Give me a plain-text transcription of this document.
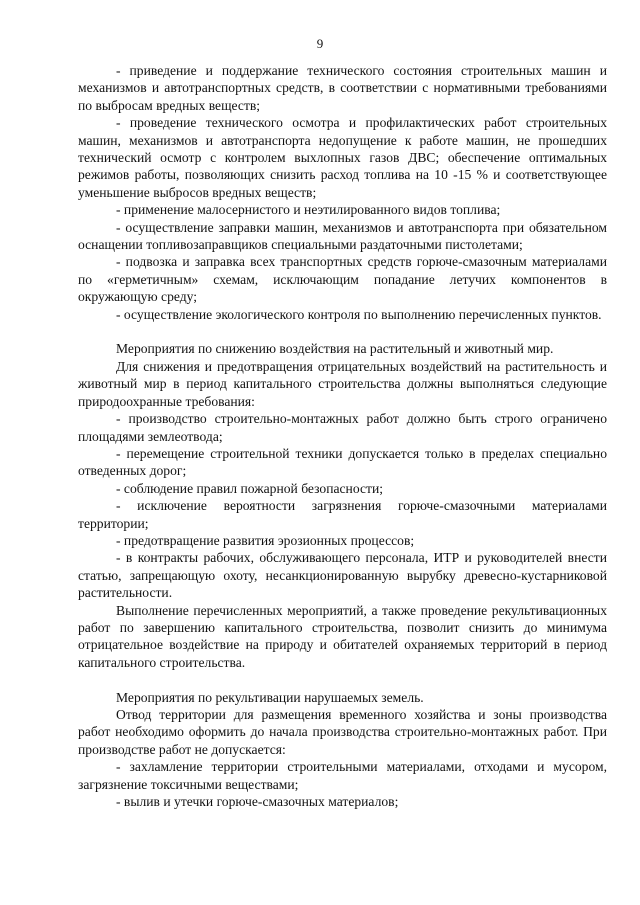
9

- приведение и поддержание технического состояния строительных машин и механизмов и автотранспортных средств, в соответствии с нормативными требованиями по выбросам вредных веществ;

- проведение технического осмотра и профилактических работ строительных машин, механизмов и автотранспорта недопущение к работе машин, не прошедших технический осмотр с контролем выхлопных газов ДВС; обеспечение оптимальных режимов работы, позволяющих снизить расход топлива на 10 -15 % и соответствующее уменьшение выбросов вредных веществ;

- применение малосернистого и неэтилированного видов топлива;

- осуществление заправки машин, механизмов и автотранспорта при обязательном оснащении топливозаправщиков специальными раздаточными пистолетами;

- подвозка и заправка всех транспортных средств горюче-смазочным материалами по «герметичным» схемам, исключающим попадание летучих компонентов в окружающую среду;

- осуществление экологического контроля по выполнению перечисленных пунктов.

Мероприятия по снижению воздействия на растительный и животный мир.

Для снижения и предотвращения отрицательных воздействий на растительность и животный мир в период капитального строительства должны выполняться следующие природоохранные требования:

- производство строительно-монтажных работ должно быть строго ограничено площадями землеотвода;

- перемещение строительной техники допускается только в пределах специально отведенных дорог;

- соблюдение правил пожарной безопасности;

- исключение вероятности загрязнения горюче-смазочными материалами территории;

- предотвращение развития эрозионных процессов;

- в контракты рабочих, обслуживающего персонала, ИТР и руководителей внести статью, запрещающую охоту, несанкционированную вырубку древесно-кустарниковой растительности.

Выполнение перечисленных мероприятий, а также проведение рекультивационных работ по завершению капитального строительства, позволит снизить до минимума отрицательное воздействие на природу и обитателей охраняемых территорий в период капитального строительства.

Мероприятия по рекультивации нарушаемых земель.

Отвод территории для размещения временного хозяйства и зоны производства работ необходимо оформить до начала производства строительно-монтажных работ. При производстве работ не допускается:

- захламление территории строительными материалами, отходами и мусором, загрязнение токсичными веществами;

- вылив и утечки горюче-смазочных материалов;
